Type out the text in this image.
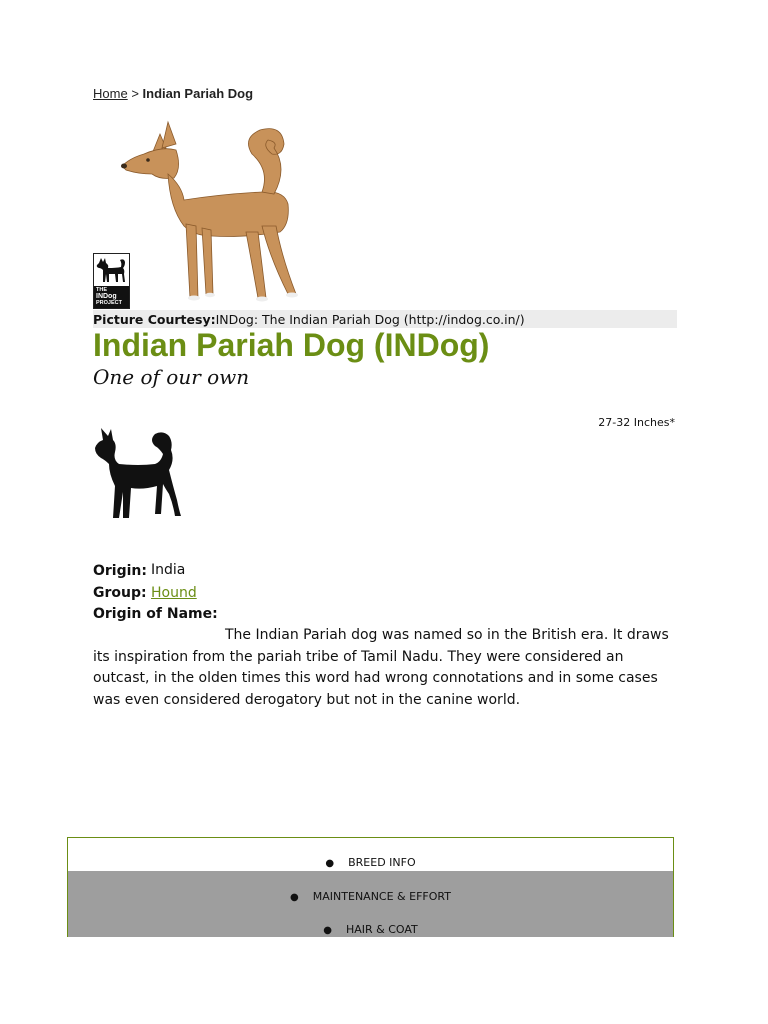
Home > Indian Pariah Dog
THE
INDog
PROJECT
Picture Courtesy:INDog: The Indian Pariah Dog (http://indog.co.in/)
Indian Pariah Dog (INDog)
One of our own
27-32 Inches*
Origin: India
Group: Hound
Origin of Name:
The Indian Pariah dog was named so in the British era. It draws its inspiration from the pariah tribe of Tamil Nadu. They were considered an outcast, in the olden times this word had wrong connotations and in some cases was even considered derogatory but not in the canine world.
● BREED INFO
● MAINTENANCE & EFFORT
● HAIR & COAT
